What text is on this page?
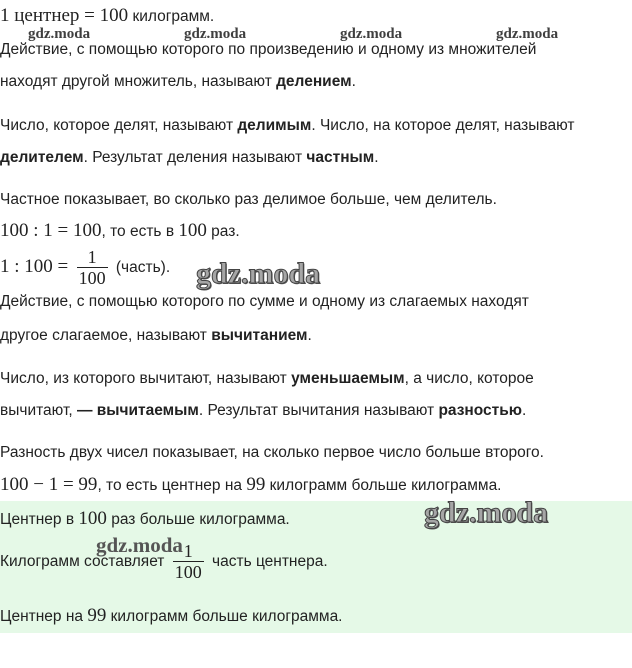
1 центнер = 100 килограмм.
Действие, с помощью которого по произведению и одному из множителей
находят другой множитель, называют делением.
Число, которое делят, называют делимым. Число, на которое делят, называют
делителем. Результат деления называют частным.
Частное показывает, во сколько раз делимое больше, чем делитель.
100 : 1 = 100, то есть в 100 раз.
1 : $100 = \frac{1}{100}$ (часть).
Действие, с помощью которого по сумме и одному из слагаемых находят
другое слагаемое, называют вычитанием.
Число, из которого вычитают, называют уменьшаемым, а число, которое
вычитают, — вычитаемым. Результат вычитания называют разностью.
Разность двух чисел показывает, на сколько первое число больше второго.
100 − 1 = 99, то есть центнер на 99 килограмм больше килограмма.
Центнер в 100 раз больше килограмма.
Килограмм составляет $\frac{1}{100}$ часть центнера.
Центнер на 99 килограмм больше килограмма.
gdz.moda	gdz.moda	gdz.moda	gdz.moda
gdz.moda
gdz.moda
gdz.moda
